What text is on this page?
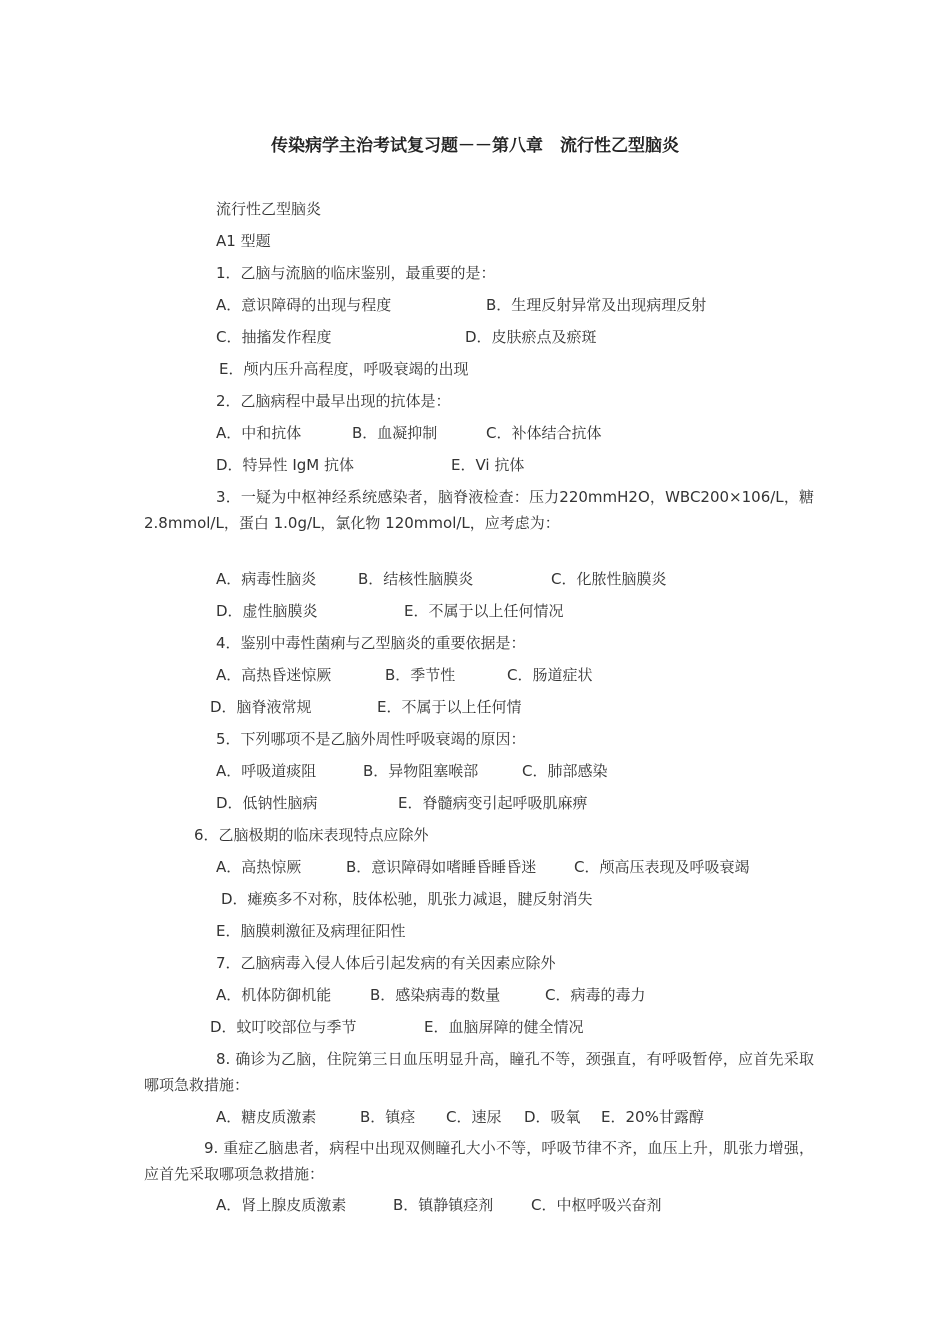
传染病学主治考试复习题－－第八章　流行性乙型脑炎
流行性乙型脑炎
A1 型题
1．乙脑与流脑的临床鉴别，最重要的是：
A．意识障碍的出现与程度	B．生理反射异常及出现病理反射
C．抽搐发作程度	D．皮肤瘀点及瘀斑
E．颅内压升高程度，呼吸衰竭的出现
2．乙脑病程中最早出现的抗体是：
A．中和抗体	B．血凝抑制	C．补体结合抗体
D．特异性 IgM 抗体	E．Vi 抗体
3．一疑为中枢神经系统感染者，脑脊液检查：压力220mmH2O，WBC200×106/L，糖 2.8mmol/L，蛋白 1.0g/L，氯化物 120mmol/L，应考虑为：
A．病毒性脑炎	B．结核性脑膜炎	C．化脓性脑膜炎
D．虚性脑膜炎	E．不属于以上任何情况
4．鉴别中毒性菌痢与乙型脑炎的重要依据是：
A．高热昏迷惊厥	B．季节性	C．肠道症状
D．脑脊液常规	E．不属于以上任何情
5．下列哪项不是乙脑外周性呼吸衰竭的原因：
A．呼吸道痰阻	B．异物阻塞喉部	C．肺部感染
D．低钠性脑病	E．脊髓病变引起呼吸肌麻痹
6．乙脑极期的临床表现特点应除外
A．高热惊厥	B．意识障碍如嗜睡昏睡昏迷	C．颅高压表现及呼吸衰竭
D．瘫痪多不对称，肢体松驰，肌张力减退，腱反射消失
E．脑膜刺激征及病理征阳性
7．乙脑病毒入侵人体后引起发病的有关因素应除外
A．机体防御机能	B．感染病毒的数量	C．病毒的毒力
D．蚊叮咬部位与季节	E．血脑屏障的健全情况
8. 确诊为乙脑，住院第三日血压明显升高，瞳孔不等，颈强直，有呼吸暂停，应首先采取哪项急救措施：
A．糖皮质激素	B．镇痉 C．速尿 D．吸氧 E．20%甘露醇
9. 重症乙脑患者，病程中出现双侧瞳孔大小不等，呼吸节律不齐，血压上升，肌张力增强，应首先采取哪项急救措施：
A．肾上腺皮质激素	B．镇静镇痉剂	C．中枢呼吸兴奋剂
